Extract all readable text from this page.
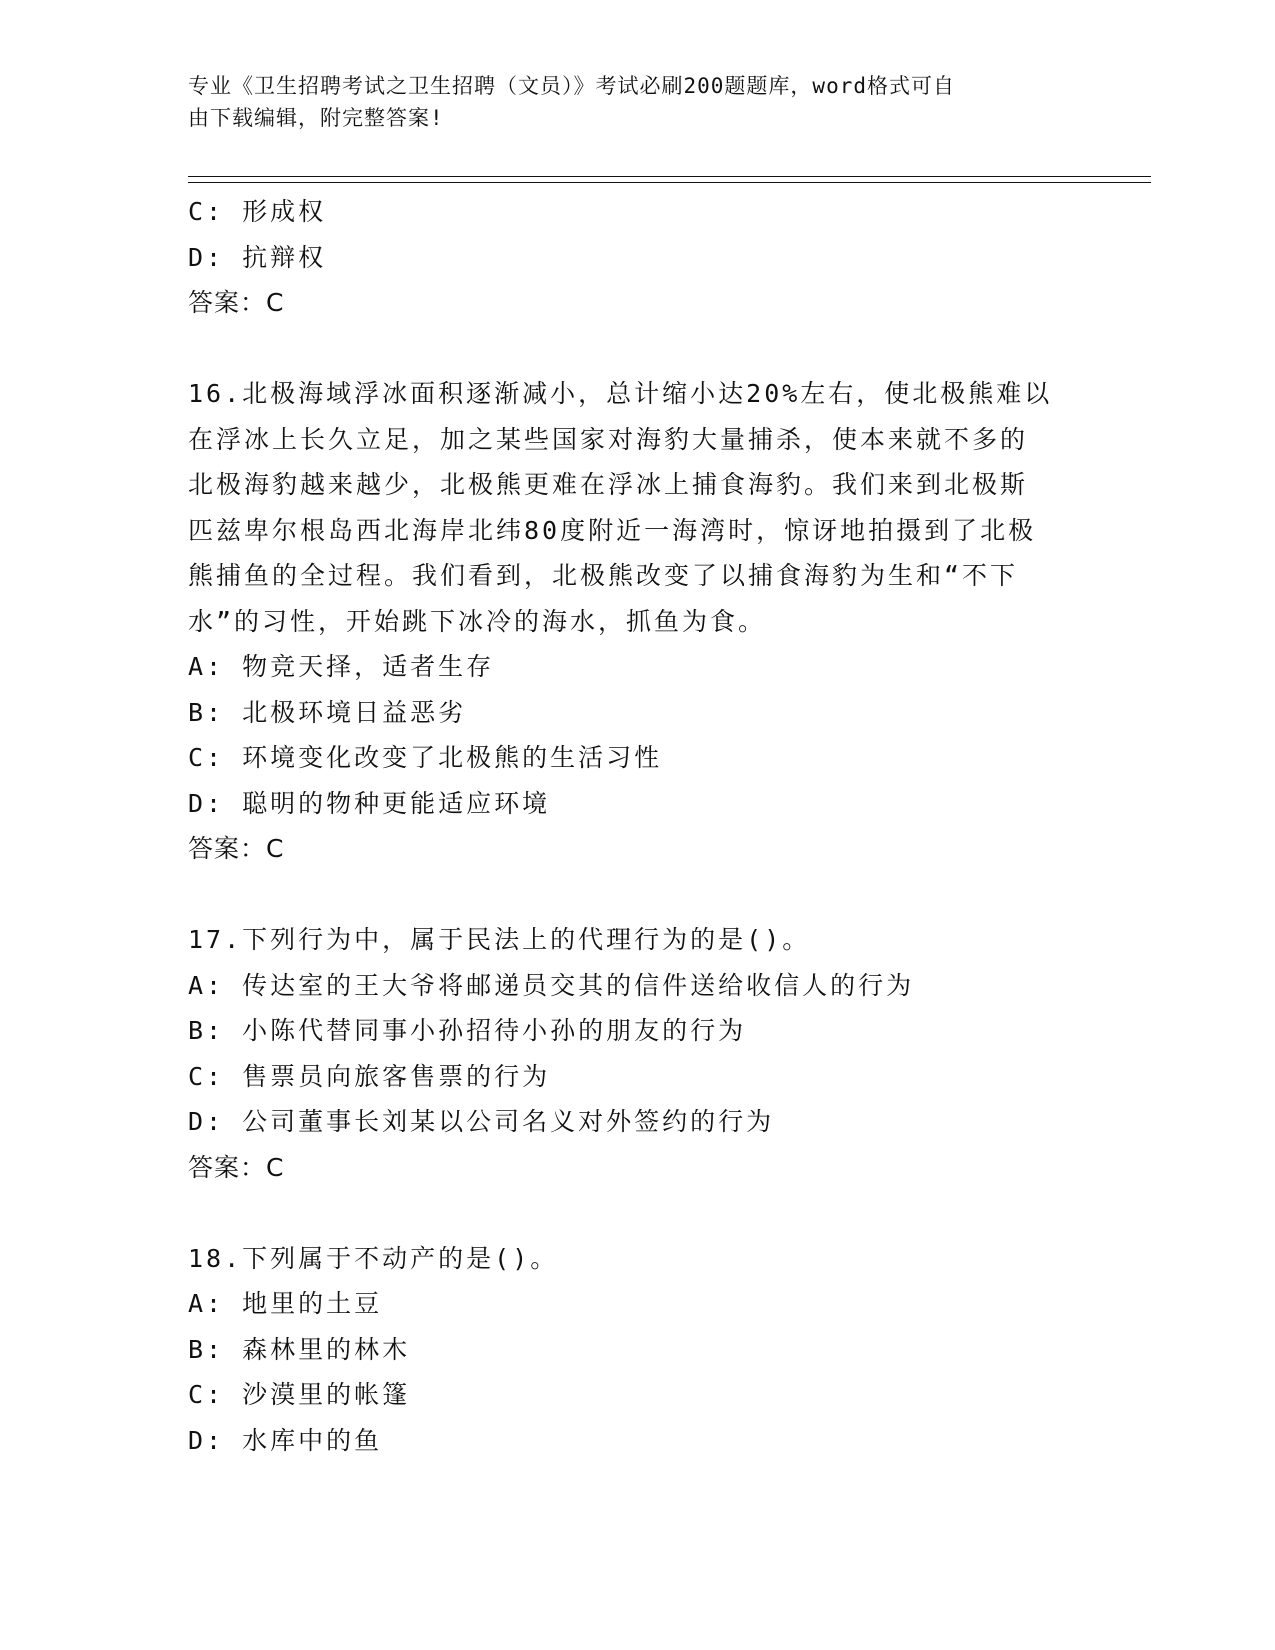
专业《卫生招聘考试之卫生招聘（文员）》考试必刷200题题库，word格式可自
由下载编辑，附完整答案!
C: 形成权
D: 抗辩权
答案：C
16.北极海域浮冰面积逐渐减小，总计缩小达20%左右，使北极熊难以
在浮冰上长久立足，加之某些国家对海豹大量捕杀，使本来就不多的
北极海豹越来越少，北极熊更难在浮冰上捕食海豹。我们来到北极斯
匹兹卑尔根岛西北海岸北纬80度附近一海湾时，惊讶地拍摄到了北极
熊捕鱼的全过程。我们看到，北极熊改变了以捕食海豹为生和“不下
水”的习性，开始跳下冰冷的海水，抓鱼为食。
A: 物竞天择，适者生存
B: 北极环境日益恶劣
C: 环境变化改变了北极熊的生活习性
D: 聪明的物种更能适应环境
答案：C
17.下列行为中，属于民法上的代理行为的是()。
A: 传达室的王大爷将邮递员交其的信件送给收信人的行为
B: 小陈代替同事小孙招待小孙的朋友的行为
C: 售票员向旅客售票的行为
D: 公司董事长刘某以公司名义对外签约的行为
答案：C
18.下列属于不动产的是()。
A: 地里的土豆
B: 森林里的林木
C: 沙漠里的帐篷
D: 水库中的鱼
